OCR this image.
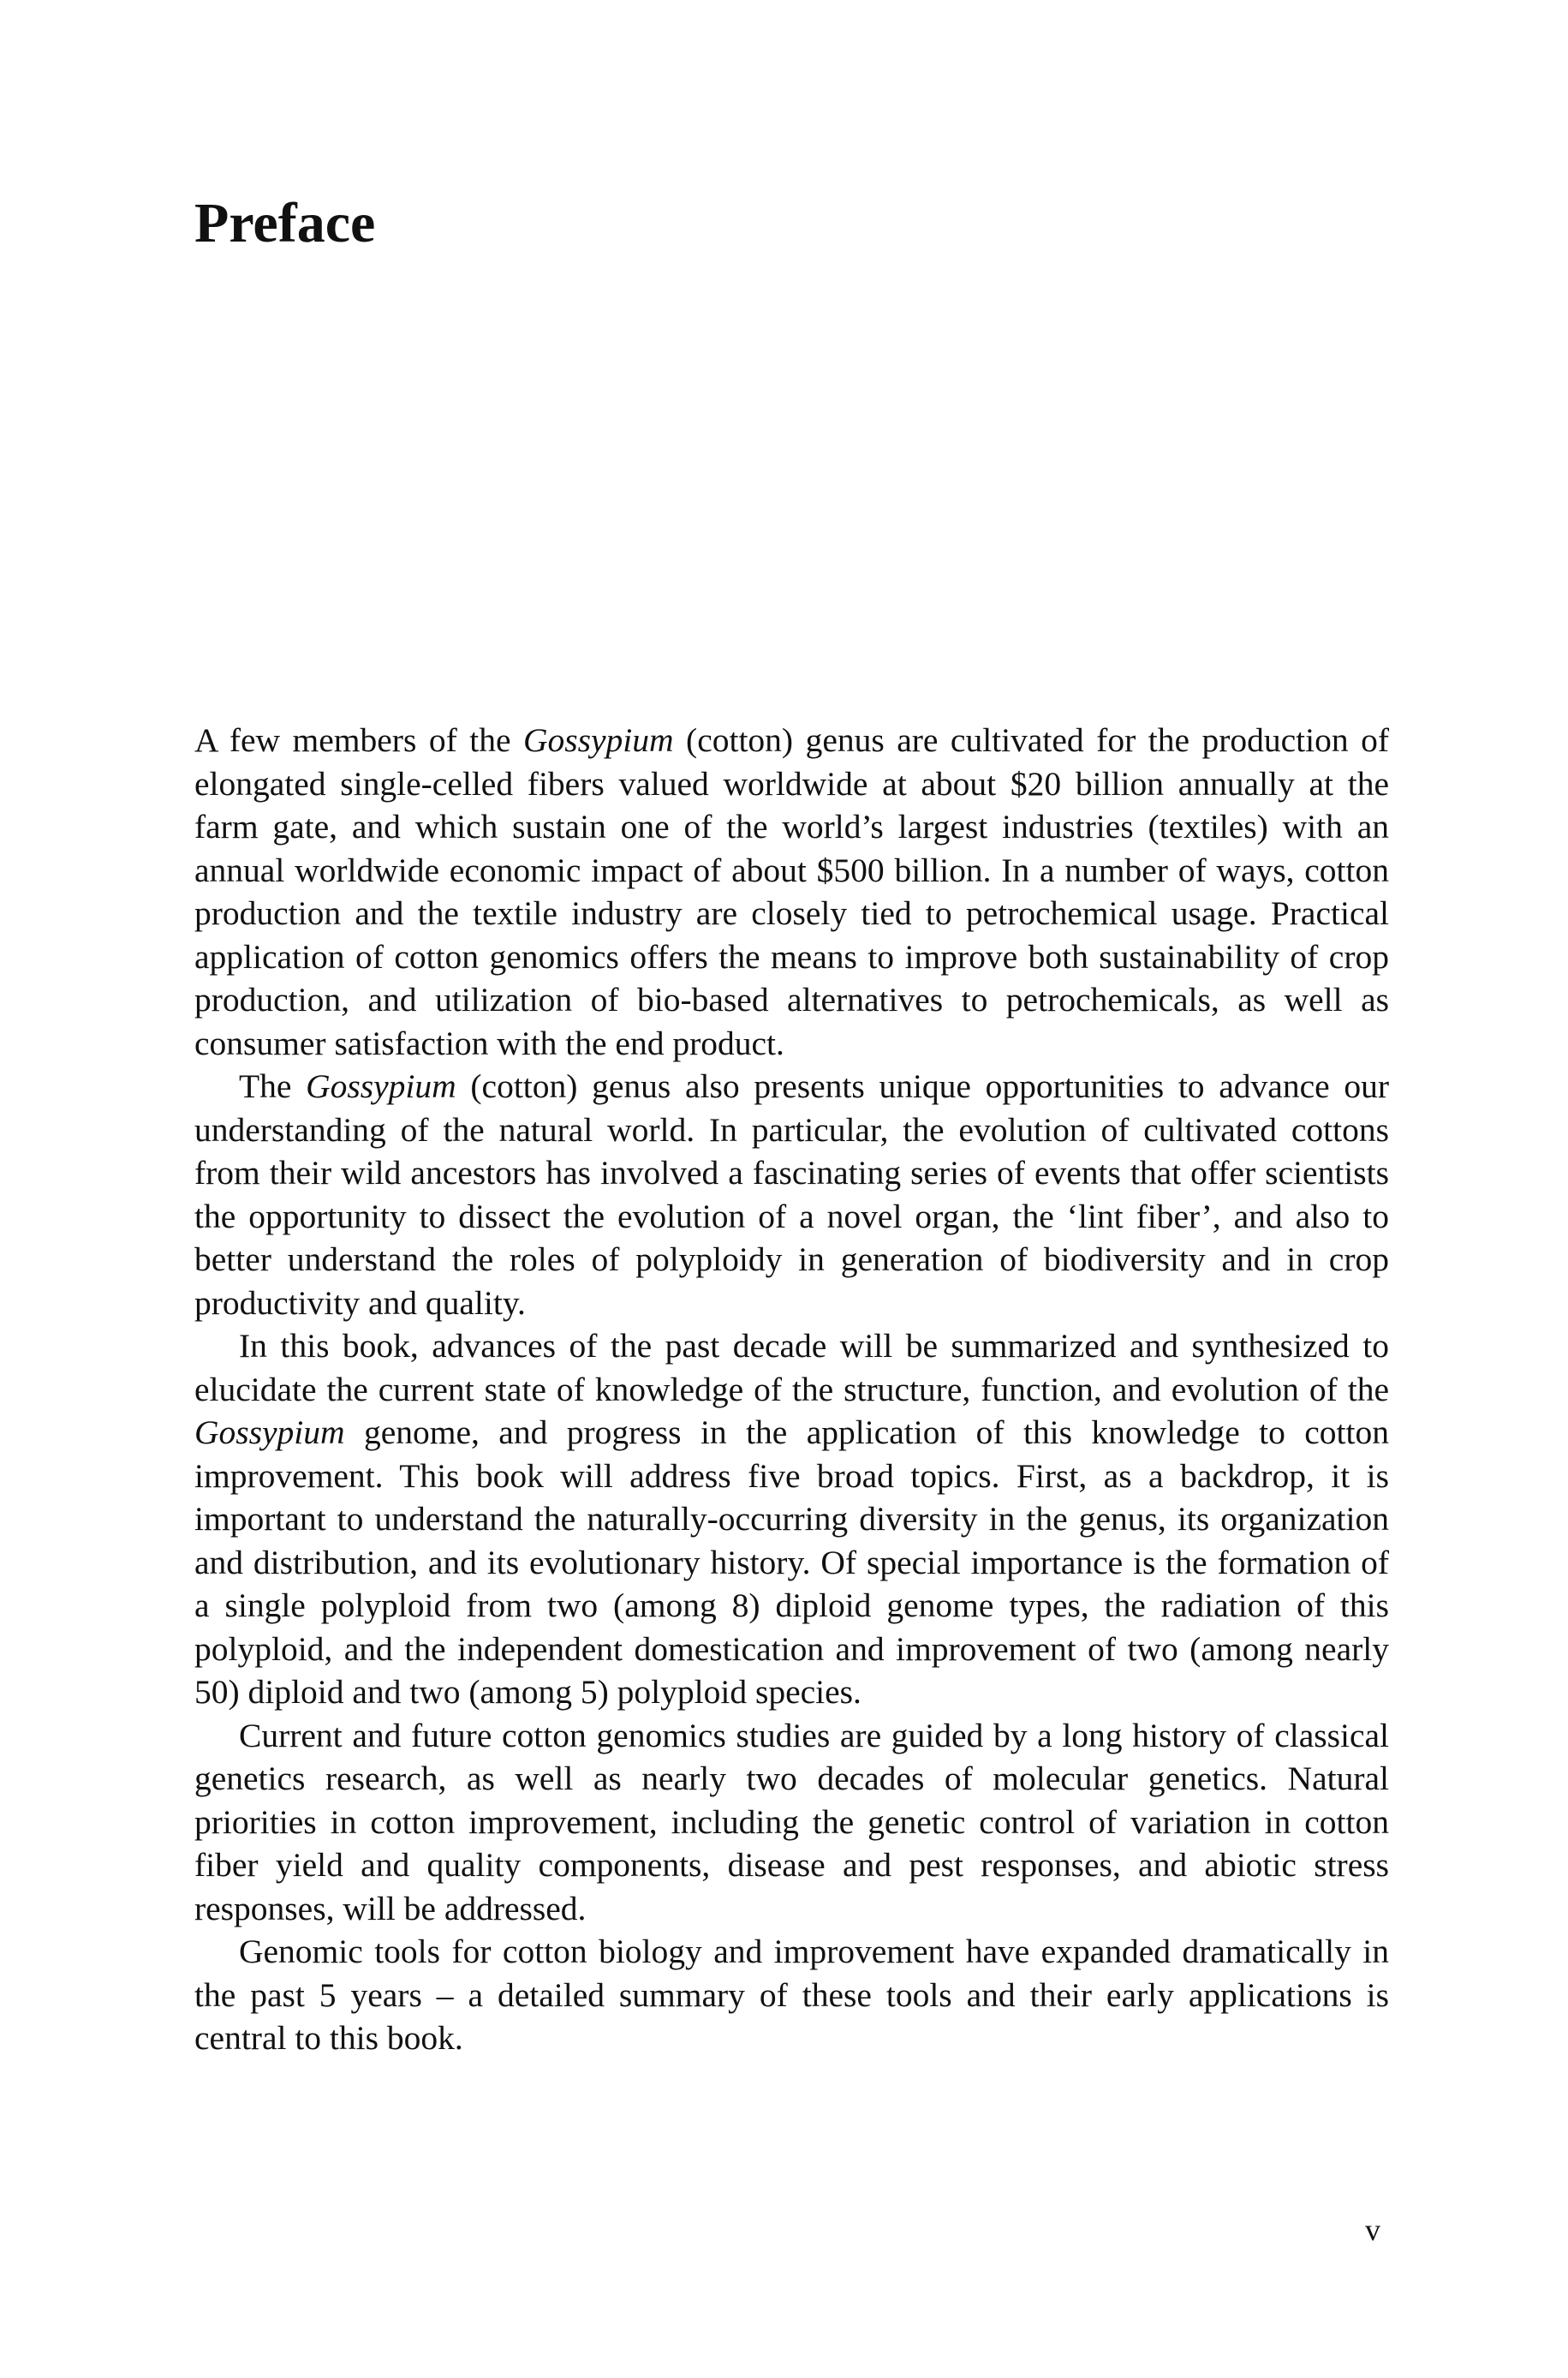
Preface

A few members of the Gossypium (cotton) genus are cultivated for the production of elongated single-celled fibers valued worldwide at about $20 billion annually at the farm gate, and which sustain one of the world’s largest industries (textiles) with an annual worldwide economic impact of about $500 billion. In a number of ways, cotton production and the textile industry are closely tied to petrochemical usage. Practical application of cotton genomics offers the means to improve both sustainability of crop production, and utilization of bio-based alternatives to petrochemicals, as well as consumer satisfaction with the end product.

The Gossypium (cotton) genus also presents unique opportunities to advance our understanding of the natural world. In particular, the evolution of cultivated cottons from their wild ancestors has involved a fascinating series of events that offer scientists the opportunity to dissect the evolution of a novel organ, the ‘lint fiber’, and also to better understand the roles of polyploidy in generation of biodiversity and in crop productivity and quality.

In this book, advances of the past decade will be summarized and synthesized to elucidate the current state of knowledge of the structure, function, and evolution of the Gossypium genome, and progress in the application of this knowledge to cotton improvement. This book will address five broad topics. First, as a backdrop, it is important to understand the naturally-occurring diversity in the genus, its organization and distribution, and its evolutionary history. Of special importance is the formation of a single polyploid from two (among 8) diploid genome types, the radiation of this polyploid, and the independent domestication and improvement of two (among nearly 50) diploid and two (among 5) polyploid species.

Current and future cotton genomics studies are guided by a long history of classical genetics research, as well as nearly two decades of molecular genetics. Natural priorities in cotton improvement, including the genetic control of variation in cotton fiber yield and quality components, disease and pest responses, and abiotic stress responses, will be addressed.

Genomic tools for cotton biology and improvement have expanded dramatically in the past 5 years – a detailed summary of these tools and their early applications is central to this book.

v
